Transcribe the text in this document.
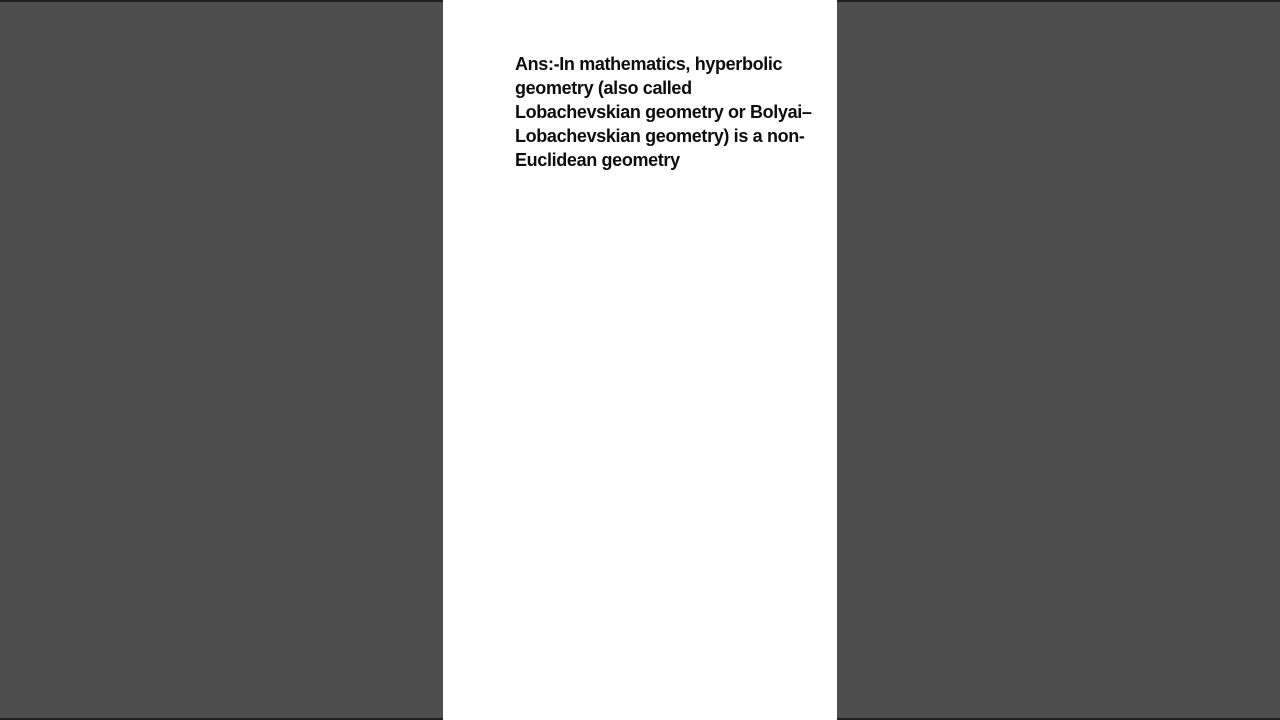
Ans:-In mathematics, hyperbolic
geometry (also called
Lobachevskian geometry or Bolyai–
Lobachevskian geometry) is a non-
Euclidean geometry
